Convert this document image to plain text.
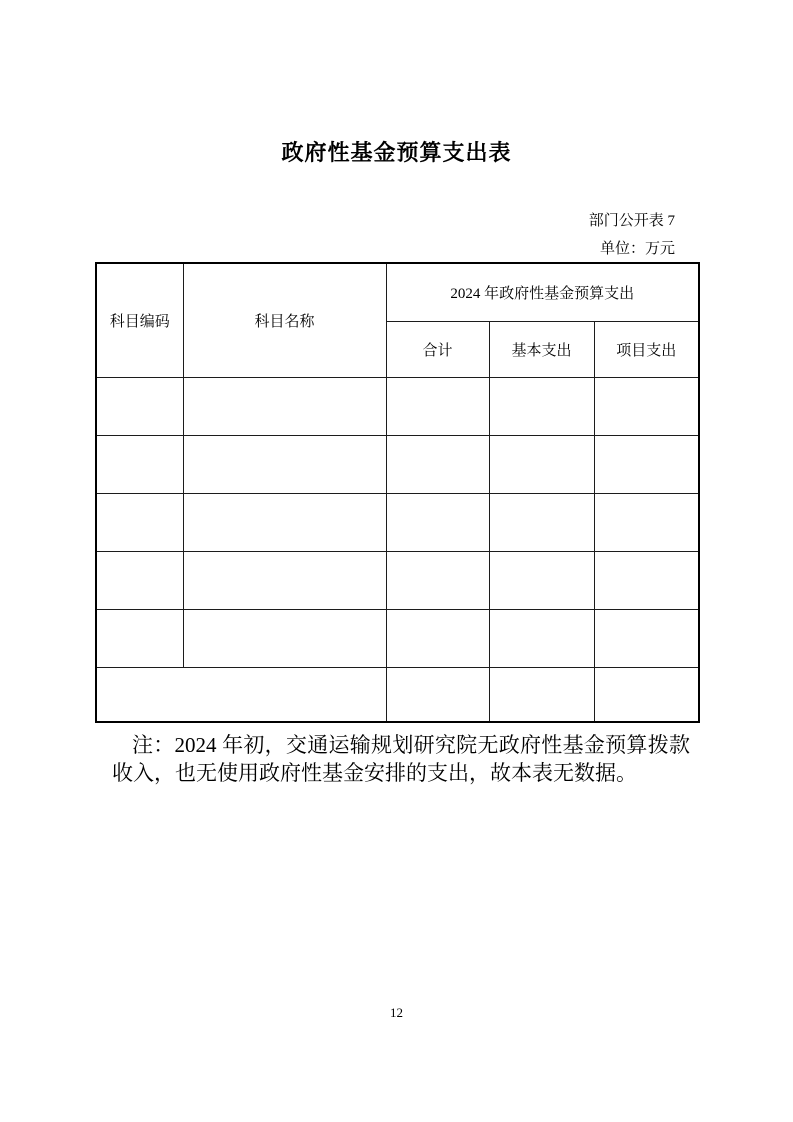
政府性基金预算支出表
部门公开表 7
单位：万元
科目编码	科目名称	2024 年政府性基金预算支出		
		合计	基本支出	项目支出

注：2024 年初，交通运输规划研究院无政府性基金预算拨款收入，也无使用政府性基金安排的支出，故本表无数据。

12
